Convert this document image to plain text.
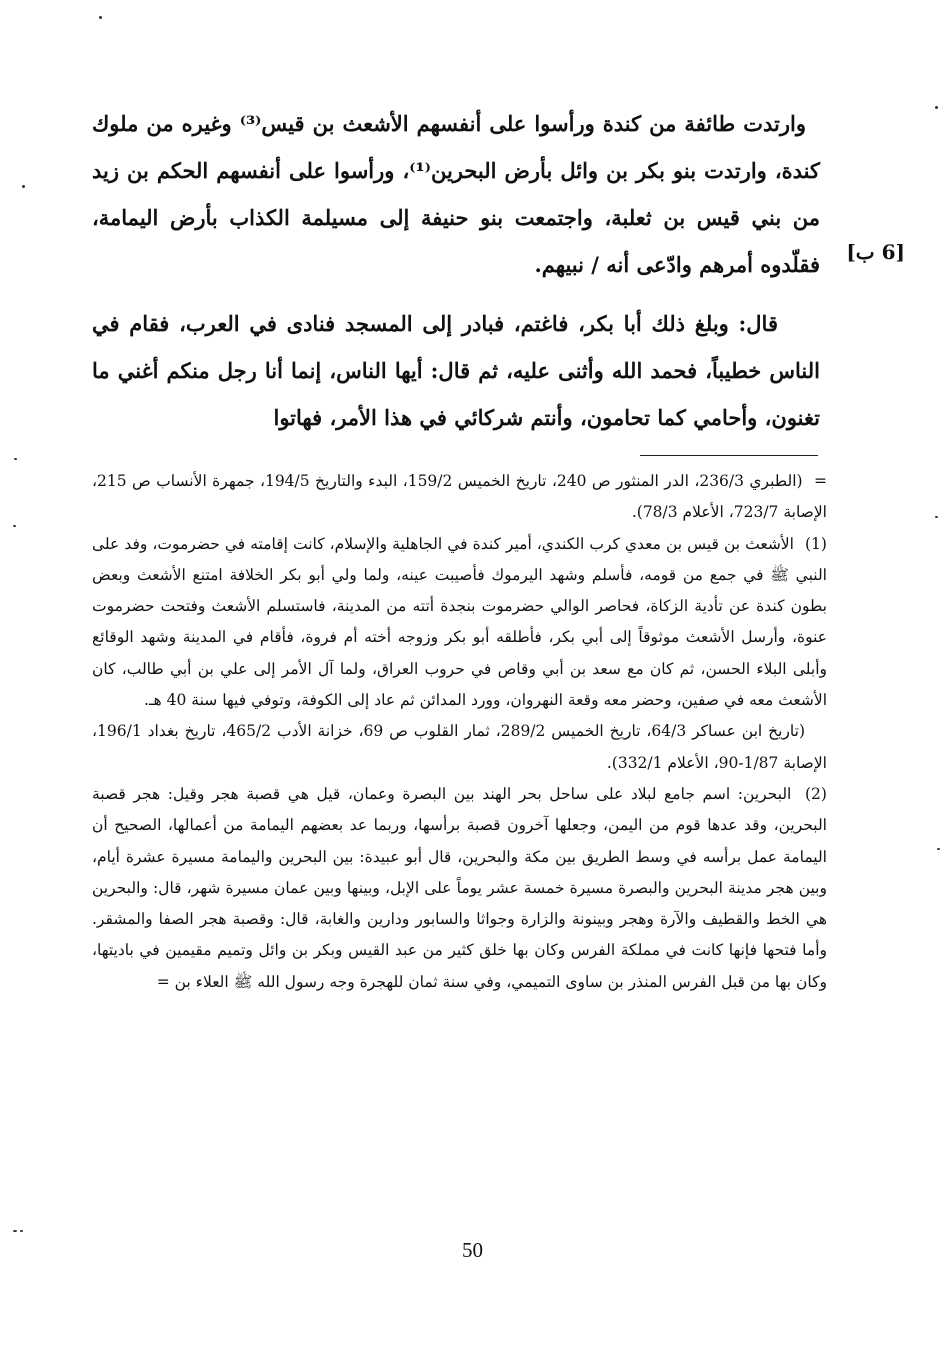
وارتدت طائفة من كندة ورأسوا على أنفسهم الأشعث بن قيس⁽³⁾ وغيره من ملوك كندة، وارتدت بنو بكر بن وائل بأرض البحرين⁽¹⁾، ورأسوا على أنفسهم الحكم بن زيد من بني قيس بن ثعلبة، واجتمعت بنو حنيفة إلى مسيلمة الكذاب بأرض اليمامة، فقلّدوه أمرهم وادّعى أنه / نبيهم.

قال: وبلغ ذلك أبا بكر، فاغتم، فبادر إلى المسجد فنادى في العرب، فقام في الناس خطيباً، فحمد الله وأثنى عليه، ثم قال: أيها الناس، إنما أنا رجل منكم أغني ما تغنون، وأحامي كما تحامون، وأنتم شركائي في هذا الأمر، فهاتوا

[6 ب]

= (الطبري 236/3، الدر المنثور ص 240، تاريخ الخميس 159/2، البدء والتاريخ 194/5، جمهرة الأنساب ص 215، الإصابة 723/7، الأعلام 78/3).

(1) الأشعث بن قيس بن معدي كرب الكندي، أمير كندة في الجاهلية والإسلام، كانت إقامته في حضرموت، وفد على النبي ﷺ في جمع من قومه، فأسلم وشهد اليرموك فأصيبت عينه، ولما ولي أبو بكر الخلافة امتنع الأشعث وبعض بطون كندة عن تأدية الزكاة، فحاصر الوالي حضرموت بنجدة أتته من المدينة، فاستسلم الأشعث وفتحت حضرموت عنوة، وأرسل الأشعث موثوقاً إلى أبي بكر، فأطلقه أبو بكر وزوجه أخته أم فروة، فأقام في المدينة وشهد الوقائع وأبلى البلاء الحسن، ثم كان مع سعد بن أبي وقاص في حروب العراق، ولما آل الأمر إلى علي بن أبي طالب، كان الأشعث معه في صفين، وحضر معه وقعة النهروان، وورد المدائن ثم عاد إلى الكوفة، وتوفي فيها سنة 40 هـ.

(تاريخ ابن عساكر 64/3، تاريخ الخميس 289/2، ثمار القلوب ص 69، خزانة الأدب 465/2، تاريخ بغداد 196/1، الإصابة 1/87-90، الأعلام 332/1).

(2) البحرين: اسم جامع لبلاد على ساحل بحر الهند بين البصرة وعمان، قيل هي قصبة هجر وقيل: هجر قصبة البحرين، وقد عدها قوم من اليمن، وجعلها آخرون قصبة برأسها، وربما عد بعضهم اليمامة من أعمالها، الصحيح أن اليمامة عمل برأسه في وسط الطريق بين مكة والبحرين، قال أبو عبيدة: بين البحرين واليمامة مسيرة عشرة أيام، وبين هجر مدينة البحرين والبصرة مسيرة خمسة عشر يوماً على الإبل، وبينها وبين عمان مسيرة شهر، قال: والبحرين هي الخط والقطيف والآرة وهجر وبينونة والزارة وجواثا والسابور ودارين والغابة، قال: وقصبة هجر الصفا والمشقر. وأما فتحها فإنها كانت في مملكة الفرس وكان بها خلق كثير من عبد القيس وبكر بن وائل وتميم مقيمين في باديتها، وكان بها من قبل الفرس المنذر بن ساوى التميمي، وفي سنة ثمان للهجرة وجه رسول الله ﷺ العلاء بن =

50
